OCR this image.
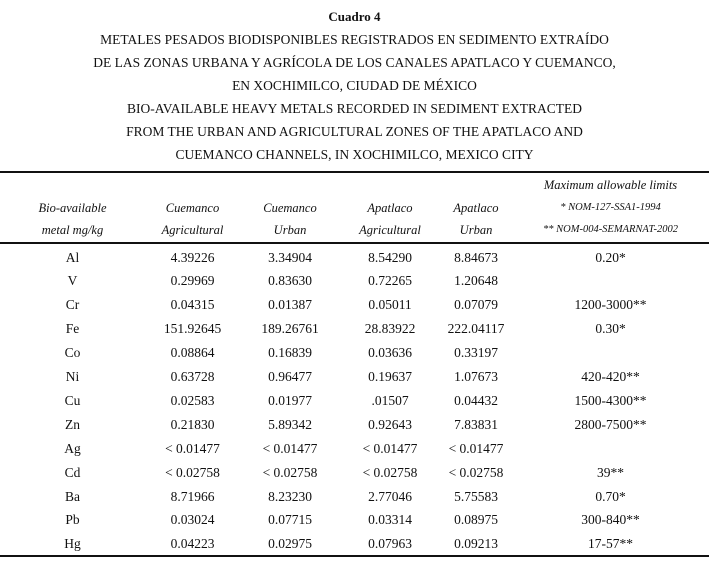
Cuadro 4
METALES PESADOS BIODISPONIBLES REGISTRADOS EN SEDIMENTO EXTRAÍDO
DE LAS ZONAS URBANA Y AGRÍCOLA DE LOS CANALES APATLACO Y CUEMANCO,
EN XOCHIMILCO, CIUDAD DE MÉXICO
BIO-AVAILABLE HEAVY METALS RECORDED IN SEDIMENT EXTRACTED
FROM THE URBAN AND AGRICULTURAL ZONES OF THE APATLACO AND
CUEMANCO CHANNELS, IN XOCHIMILCO, MEXICO CITY
					Maximum allowable limits
Bio-available	Cuemanco	Cuemanco	Apatlaco	Apatlaco	* NOM-127-SSA1-1994
metal mg/kg	Agricultural	Urban	Agricultural	Urban	** NOM-004-SEMARNAT-2002
Al	4.39226	3.34904	8.54290	8.84673	0.20*
V	0.29969	0.83630	0.72265	1.20648	
Cr	0.04315	0.01387	0.05011	0.07079	1200-3000**
Fe	151.92645	189.26761	28.83922	222.04117	0.30*
Co	0.08864	0.16839	0.03636	0.33197	
Ni	0.63728	0.96477	0.19637	1.07673	420-420**
Cu	0.02583	0.01977	.01507	0.04432	1500-4300**
Zn	0.21830	5.89342	0.92643	7.83831	2800-7500**
Ag	< 0.01477	< 0.01477	< 0.01477	< 0.01477	
Cd	< 0.02758	< 0.02758	< 0.02758	< 0.02758	39**
Ba	8.71966	8.23230	2.77046	5.75583	0.70*
Pb	0.03024	0.07715	0.03314	0.08975	300-840**
Hg	0.04223	0.02975	0.07963	0.09213	17-57**
